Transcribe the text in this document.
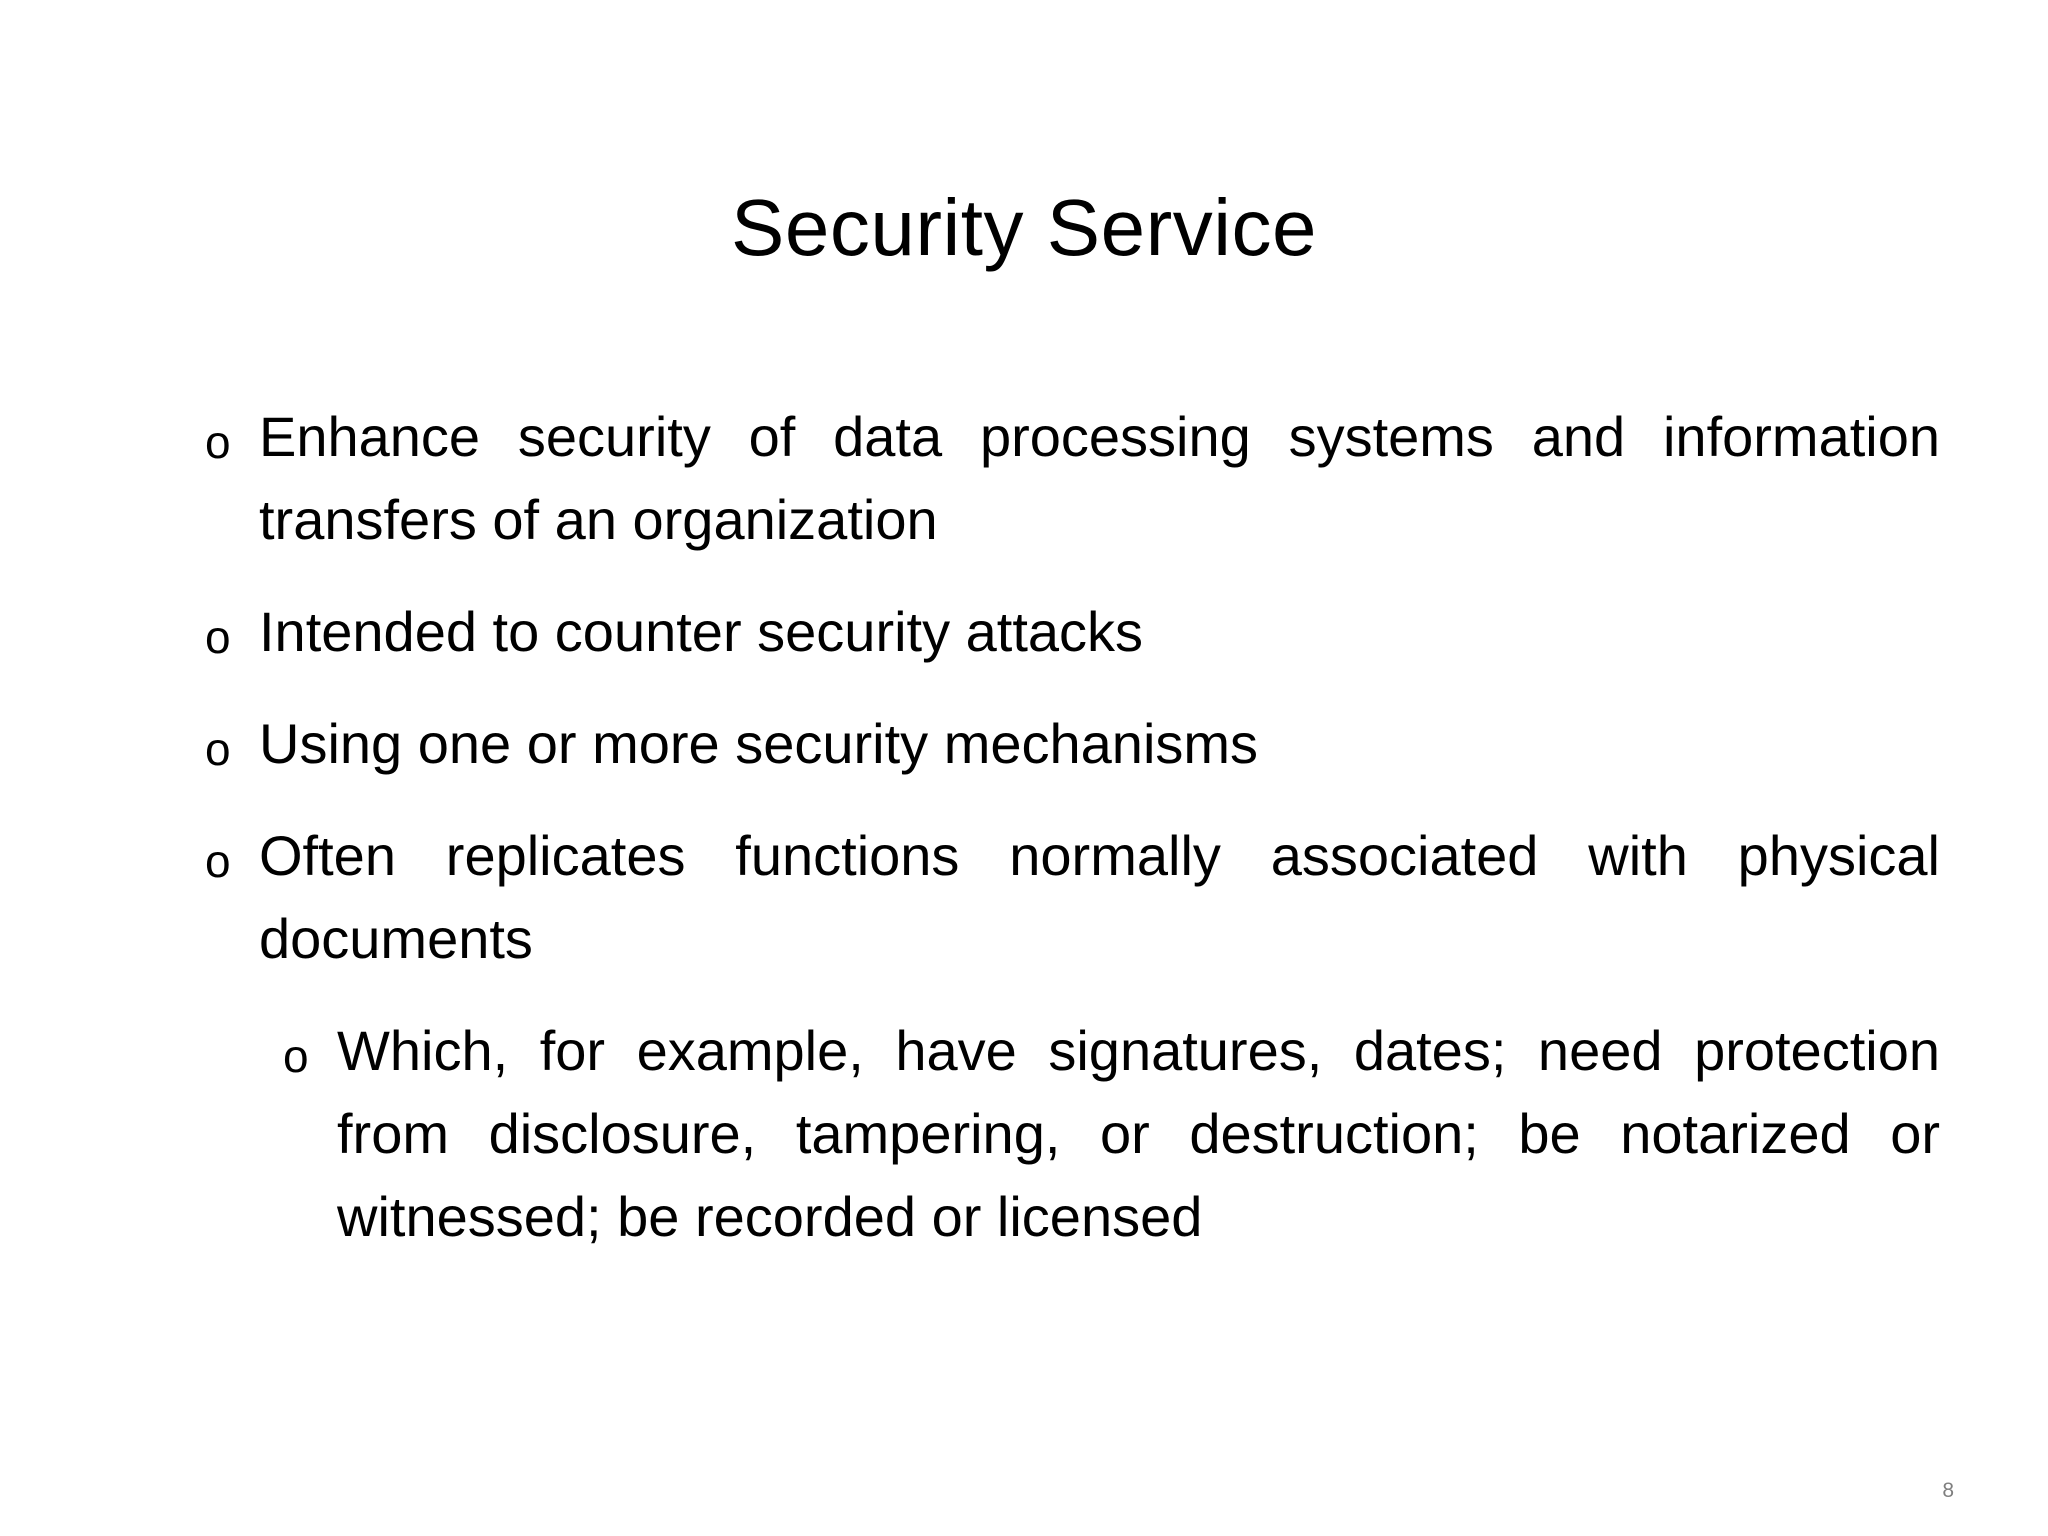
Security Service
o Enhance security of data processing systems and information transfers of an organization
o Intended to counter security attacks
o Using one or more security mechanisms
o Often replicates functions normally associated with physical documents
o Which, for example, have signatures, dates; need protection from disclosure, tampering, or destruction; be notarized or witnessed; be recorded or licensed
8
